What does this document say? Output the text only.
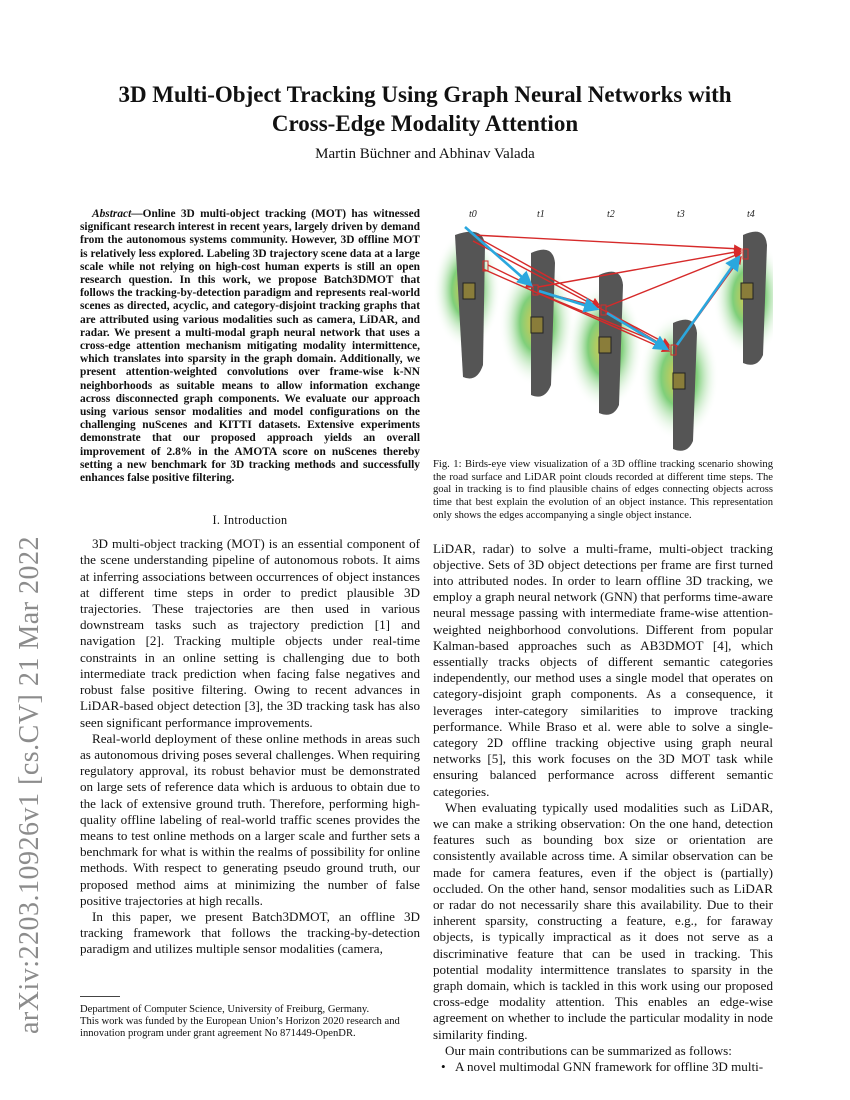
arXiv:2203.10926v1 [cs.CV] 21 Mar 2022
3D Multi-Object Tracking Using Graph Neural Networks with
Cross-Edge Modality Attention
Martin Büchner and Abhinav Valada

Abstract—Online 3D multi-object tracking (MOT) has witnessed significant research interest in recent years, largely driven by demand from the autonomous systems community. However, 3D offline MOT is relatively less explored. Labeling 3D trajectory scene data at a large scale while not relying on high-cost human experts is still an open research question. In this work, we propose Batch3DMOT that follows the tracking-by-detection paradigm and represents real-world scenes as directed, acyclic, and category-disjoint tracking graphs that are attributed using various modalities such as camera, LiDAR, and radar. We present a multi-modal graph neural network that uses a cross-edge attention mechanism mitigating modality intermittence, which translates into sparsity in the graph domain. Additionally, we present attention-weighted convolutions over frame-wise k-NN neighborhoods as suitable means to allow information exchange across disconnected graph components. We evaluate our approach using various sensor modalities and model configurations on the challenging nuScenes and KITTI datasets. Extensive experiments demonstrate that our proposed approach yields an overall improvement of 2.8% in the AMOTA score on nuScenes thereby setting a new benchmark for 3D tracking methods and successfully enhances false positive filtering.

I. Introduction

3D multi-object tracking (MOT) is an essential component of the scene understanding pipeline of autonomous robots. It aims at inferring associations between occurrences of object instances at different time steps in order to predict plausible 3D trajectories. These trajectories are then used in various downstream tasks such as trajectory prediction [1] and navigation [2]. Tracking multiple objects under real-time constraints in an online setting is challenging due to both intermediate track prediction when facing false negatives and robust false positive filtering. Owing to recent advances in LiDAR-based object detection [3], the 3D tracking task has also seen significant performance improvements.

Real-world deployment of these online methods in areas such as autonomous driving poses several challenges. When requiring regulatory approval, its robust behavior must be demonstrated on large sets of reference data which is arduous to obtain due to the lack of extensive ground truth. Therefore, performing high-quality offline labeling of real-world traffic scenes provides the means to test online methods on a larger scale and further sets a benchmark for what is within the realms of possibility for online methods. With respect to generating pseudo ground truth, our proposed method aims at minimizing the number of false positive trajectories at high recalls.

In this paper, we present Batch3DMOT, an offline 3D tracking framework that follows the tracking-by-detection paradigm and utilizes multiple sensor modalities (camera,

Department of Computer Science, University of Freiburg, Germany.
This work was funded by the European Union’s Horizon 2020 research and innovation program under grant agreement No 871449-OpenDR.
t0	t1	t2	t3	t4
Fig. 1: Birds-eye view visualization of a 3D offline tracking scenario showing the road surface and LiDAR point clouds recorded at different time steps. The goal in tracking is to find plausible chains of edges connecting objects across time that best explain the evolution of an object instance. This representation only shows the edges accompanying a single object instance.

LiDAR, radar) to solve a multi-frame, multi-object tracking objective. Sets of 3D object detections per frame are first turned into attributed nodes. In order to learn offline 3D tracking, we employ a graph neural network (GNN) that performs time-aware neural message passing with intermediate frame-wise attention-weighted neighborhood convolutions. Different from popular Kalman-based approaches such as AB3DMOT [4], which essentially tracks objects of different semantic categories independently, our method uses a single model that operates on category-disjoint graph components. As a consequence, it leverages inter-category similarities to improve tracking performance. While Braso et al. were able to solve a single-category 2D offline tracking objective using graph neural networks [5], this work focuses on the 3D MOT task while ensuring balanced performance across different semantic categories.

When evaluating typically used modalities such as LiDAR, we can make a striking observation: On the one hand, detection features such as bounding box size or orientation are consistently available across time. A similar observation can be made for camera features, even if the object is (partially) occluded. On the other hand, sensor modalities such as LiDAR or radar do not necessarily share this availability. Due to their inherent sparsity, constructing a feature, e.g., for faraway objects, is typically impractical as it does not serve as a discriminative feature that can be used in tracking. This potential modality intermittence translates to sparsity in the graph domain, which is tackled in this work using our proposed cross-edge modality attention. This enables an edge-wise agreement on whether to include the particular modality in node similarity finding.

Our main contributions can be summarized as follows:

• A novel multimodal GNN framework for offline 3D multi-
